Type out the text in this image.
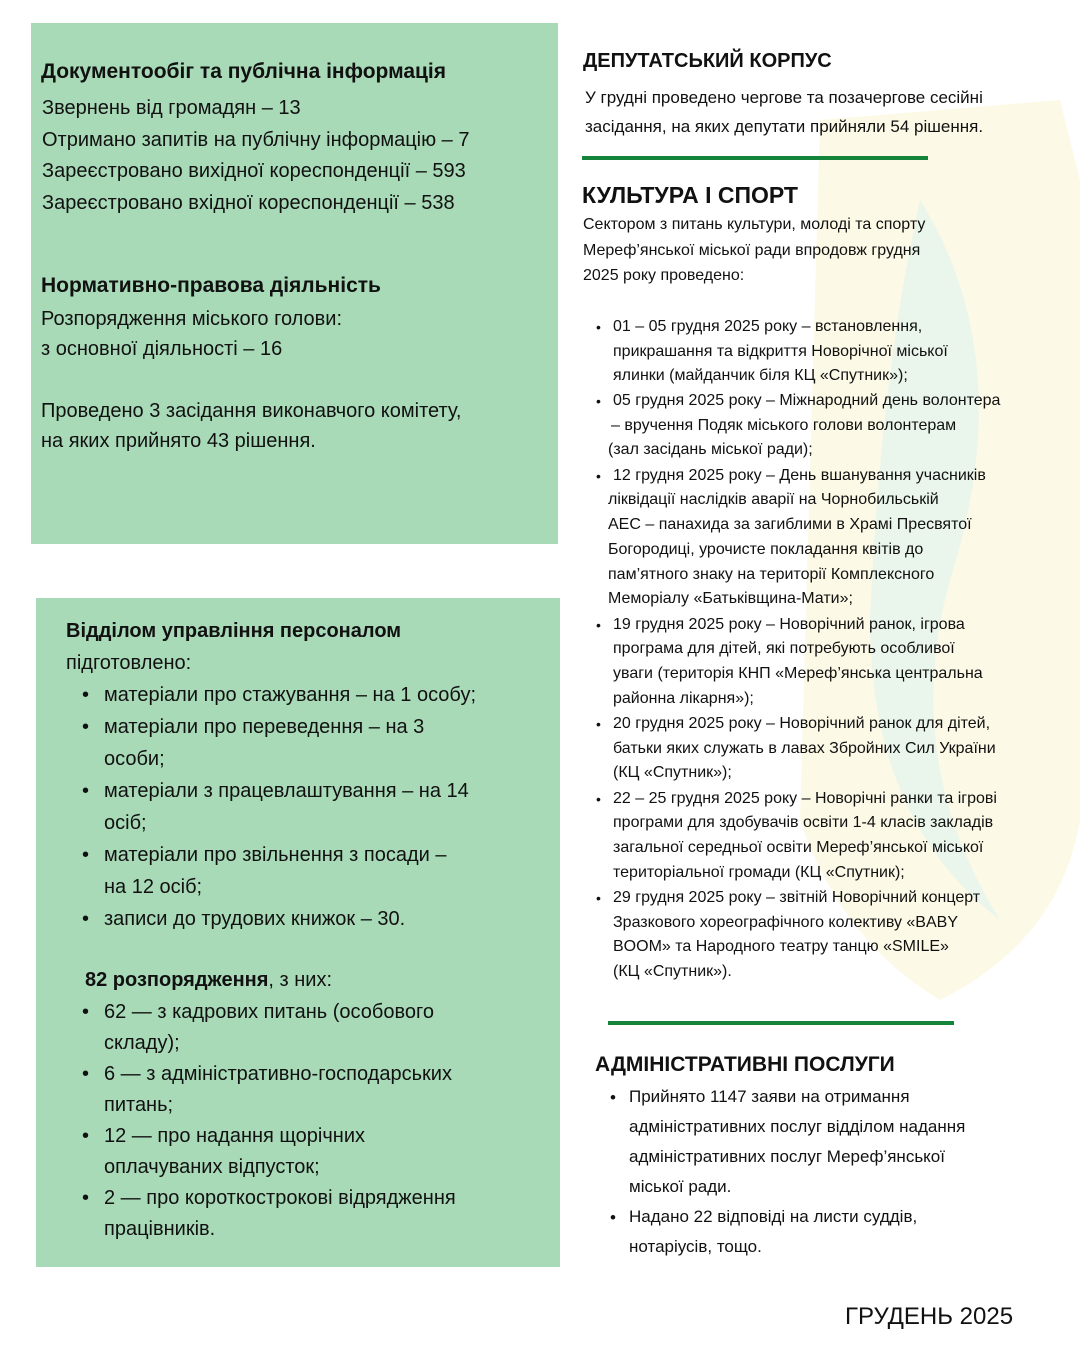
Документообіг та публічна інформація
Звернень від громадян – 13
Отримано запитів на публічну інформацію – 7
Зареєстровано вихідної кореспонденції – 593
Зареєстровано вхідної кореспонденції – 538
Нормативно-правова діяльність
Розпорядження міського голови:
з основної діяльності – 16
Проведено 3 засідання виконавчого комітету,
на яких прийнято 43 рішення.
Відділом управління персоналом
підготовлено:
• матеріали про стажування – на 1 особу;
• матеріали про переведення – на 3
особи;
• матеріали з працевлаштування – на 14
осіб;
• матеріали про звільнення з посади –
на 12 осіб;
• записи до трудових книжок – 30.
82 розпорядження, з них:
• 62 — з кадрових питань (особового
складу);
• 6 — з адміністративно-господарських
питань;
• 12 — про надання щорічних
оплачуваних відпусток;
• 2 — про короткострокові відрядження
працівників.
ДЕПУТАТСЬКИЙ КОРПУС
У грудні проведено чергове та позачергове сесійні
засідання, на яких депутати прийняли 54 рішення.
КУЛЬТУРА І СПОРТ
Сектором з питань культури, молоді та спорту
Мереф’янської міської ради впродовж грудня
2025 року проведено:
• 01 – 05 грудня 2025 року – встановлення,
прикрашання та відкриття Новорічної міської
ялинки (майданчик біля КЦ «Спутник»);
• 05 грудня 2025 року – Міжнародний день волонтера
– вручення Подяк міського голови волонтерам
(зал засідань міської ради);
• 12 грудня 2025 року – День вшанування учасників
ліквідації наслідків аварії на Чорнобильській
АЕС – панахида за загиблими в Храмі Пресвятої
Богородиці, урочисте покладання квітів до
пам’ятного знаку на території Комплексного
Меморіалу «Батьківщина-Мати»;
• 19 грудня 2025 року – Новорічний ранок, ігрова
програма для дітей, які потребують особливої
уваги (територія КНП «Мереф’янська центральна
районна лікарня»);
• 20 грудня 2025 року – Новорічний ранок для дітей,
батьки яких служать в лавах Збройних Сил України
(КЦ «Спутник»);
• 22 – 25 грудня 2025 року – Новорічні ранки та ігрові
програми для здобувачів освіти 1-4 класів закладів
загальної середньої освіти Мереф’янської міської
територіальної громади (КЦ «Спутник);
• 29 грудня 2025 року – звітній Новорічний концерт
Зразкового хореографічного колективу «BABY
BOOM» та Народного театру танцю «SMILE»
(КЦ «Спутник»).
АДМІНІСТРАТИВНІ ПОСЛУГИ
• Прийнято 1147 заяви на отримання
адміністративних послуг відділом надання
адміністративних послуг Мереф’янської
міської ради.
• Надано 22 відповіді на листи суддів,
нотаріусів, тощо.
ГРУДЕНЬ 2025
